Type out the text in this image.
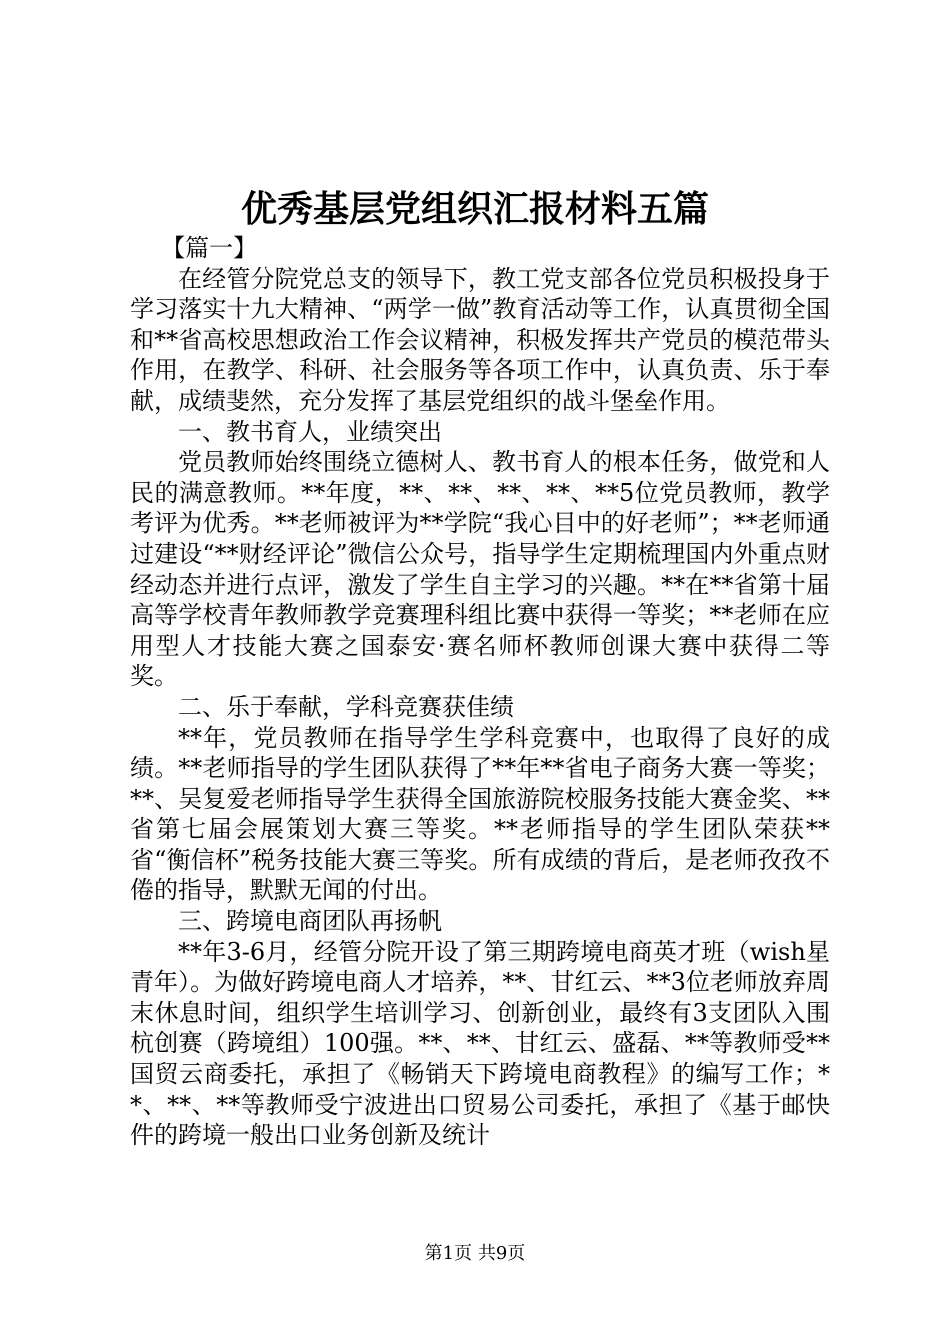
优秀基层党组织汇报材料五篇

【篇一】

在经管分院党总支的领导下，教工党支部各位党员积极投身于学习落实十九大精神、“两学一做”教育活动等工作，认真贯彻全国和**省高校思想政治工作会议精神，积极发挥共产党员的模范带头作用，在教学、科研、社会服务等各项工作中，认真负责、乐于奉献，成绩斐然，充分发挥了基层党组织的战斗堡垒作用。

一、教书育人，业绩突出

党员教师始终围绕立德树人、教书育人的根本任务，做党和人民的满意教师。**年度，**、**、**、**、**5位党员教师，教学考评为优秀。**老师被评为**学院“我心目中的好老师”；**老师通过建设“**财经评论”微信公众号，指导学生定期梳理国内外重点财经动态并进行点评，激发了学生自主学习的兴趣。**在**省第十届高等学校青年教师教学竞赛理科组比赛中获得一等奖；**老师在应用型人才技能大赛之国泰安·赛名师杯教师创课大赛中获得二等奖。

二、乐于奉献，学科竞赛获佳绩

**年，党员教师在指导学生学科竞赛中，也取得了良好的成绩。**老师指导的学生团队获得了**年**省电子商务大赛一等奖；**、吴复爱老师指导学生获得全国旅游院校服务技能大赛金奖、**省第七届会展策划大赛三等奖。**老师指导的学生团队荣获**省“衡信杯”税务技能大赛三等奖。所有成绩的背后，是老师孜孜不倦的指导，默默无闻的付出。

三、跨境电商团队再扬帆

**年3-6月，经管分院开设了第三期跨境电商英才班（wish星青年）。为做好跨境电商人才培养，**、甘红云、**3位老师放弃周末休息时间，组织学生培训学习、创新创业，最终有3支团队入围杭创赛（跨境组）100强。**、**、甘红云、盛磊、**等教师受**国贸云商委托，承担了《畅销天下跨境电商教程》的编写工作；**、**、**等教师受宁波进出口贸易公司委托，承担了《基于邮快件的跨境一般出口业务创新及统计

第1页 共9页
